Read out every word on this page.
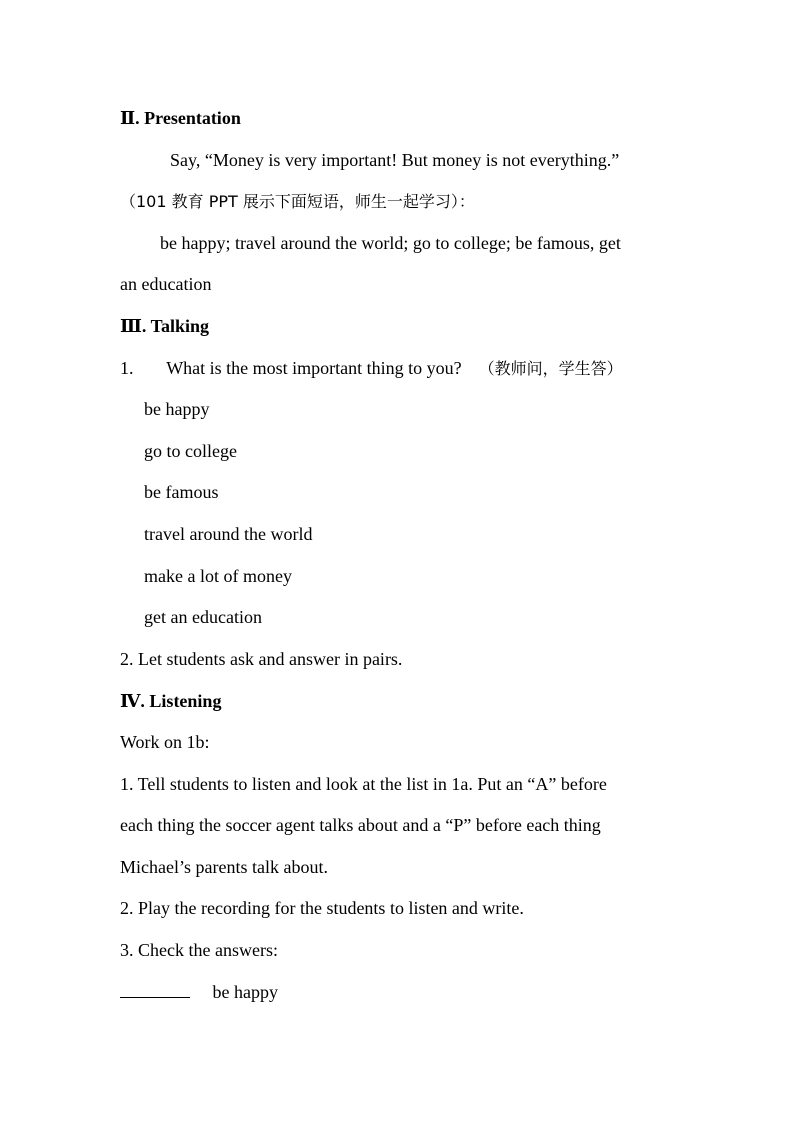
Ⅱ. Presentation
Say, “Money is very important! But money is not everything.”
（101 教育 PPT 展示下面短语，师生一起学习）：
be happy; travel around the world; go to college; be famous, get
an education
Ⅲ. Talking
1. What is the most important thing to you? （教师问，学生答）
be happy
go to college
be famous
travel around the world
make a lot of money
get an education
2. Let students ask and answer in pairs.
Ⅳ. Listening
Work on 1b:
1. Tell students to listen and look at the list in 1a. Put an “A” before
each thing the soccer agent talks about and a “P” before each thing
Michael’s parents talk about.
2. Play the recording for the students to listen and write.
3. Check the answers:
be happy
